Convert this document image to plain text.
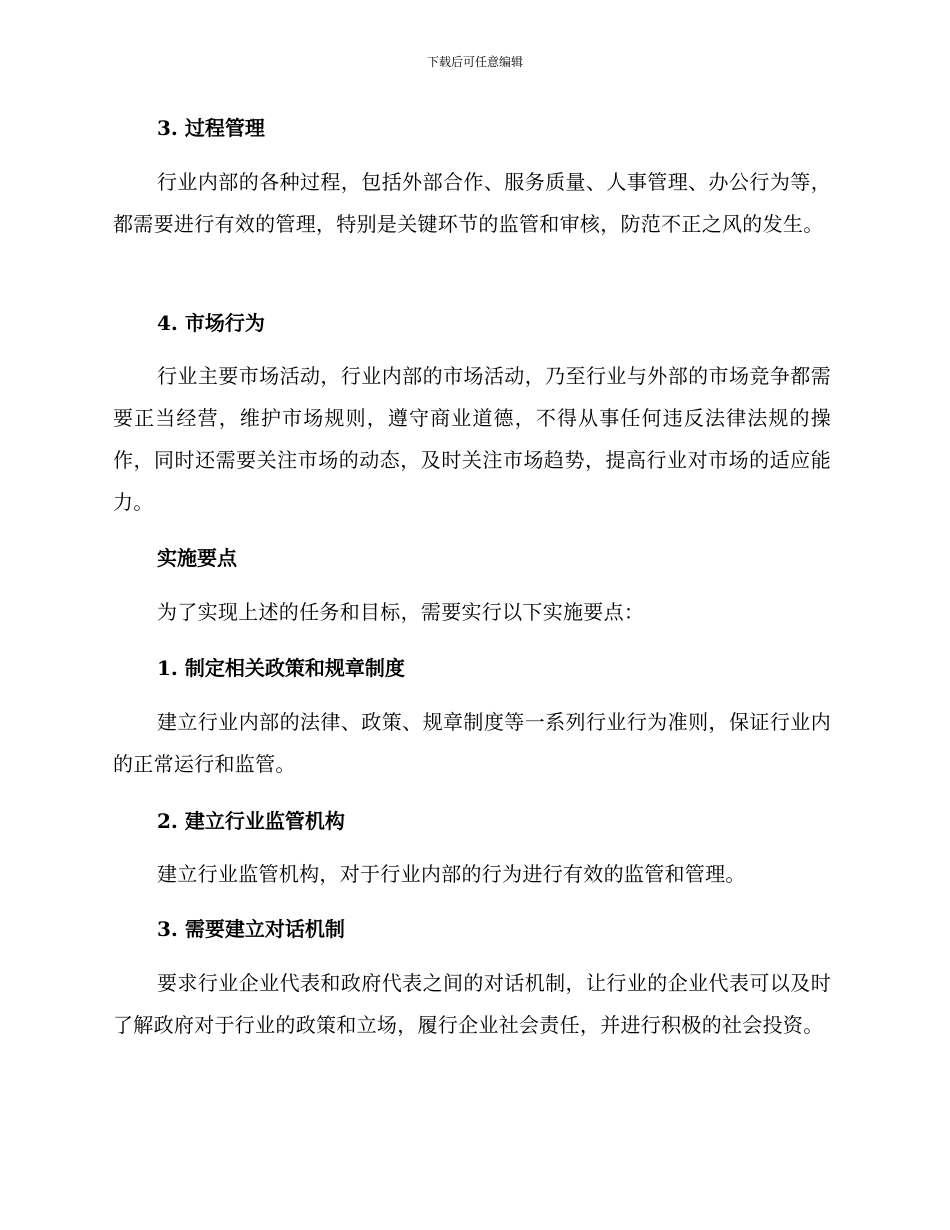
下载后可任意编辑
3. 过程管理
行业内部的各种过程，包括外部合作、服务质量、人事管理、办公行为等，都需要进行有效的管理，特别是关键环节的监管和审核，防范不正之风的发生。
4. 市场行为
行业主要市场活动，行业内部的市场活动，乃至行业与外部的市场竞争都需要正当经营，维护市场规则，遵守商业道德，不得从事任何违反法律法规的操作，同时还需要关注市场的动态，及时关注市场趋势，提高行业对市场的适应能力。
实施要点
为了实现上述的任务和目标，需要实行以下实施要点：
1. 制定相关政策和规章制度
建立行业内部的法律、政策、规章制度等一系列行业行为准则，保证行业内的正常运行和监管。
2. 建立行业监管机构
建立行业监管机构，对于行业内部的行为进行有效的监管和管理。
3. 需要建立对话机制
要求行业企业代表和政府代表之间的对话机制，让行业的企业代表可以及时了解政府对于行业的政策和立场，履行企业社会责任，并进行积极的社会投资。
